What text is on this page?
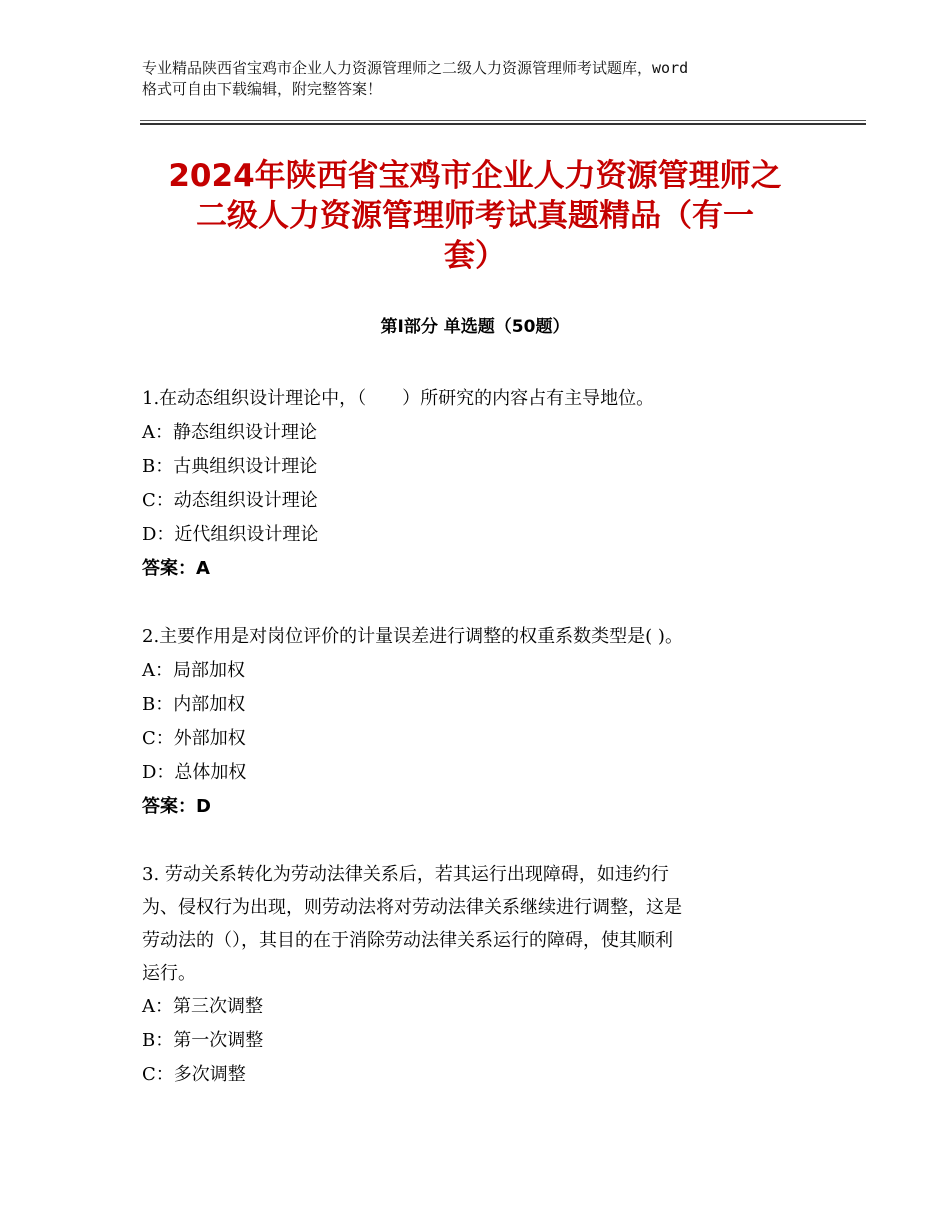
专业精品陕西省宝鸡市企业人力资源管理师之二级人力资源管理师考试题库，word
格式可自由下载编辑，附完整答案！
2024年陕西省宝鸡市企业人力资源管理师之
二级人力资源管理师考试真题精品（有一
套）
第Ⅰ部分 单选题（50题）

1.在动态组织设计理论中，（　　）所研究的内容占有主导地位。

A：静态组织设计理论

B：古典组织设计理论

C：动态组织设计理论

D：近代组织设计理论

答案：A

2.主要作用是对岗位评价的计量误差进行调整的权重系数类型是( )。

A：局部加权

B：内部加权

C：外部加权

D：总体加权

答案：D

3. 劳动关系转化为劳动法律关系后，若其运行出现障碍，如违约行

为、侵权行为出现，则劳动法将对劳动法律关系继续进行调整，这是

劳动法的（），其目的在于消除劳动法律关系运行的障碍，使其顺利

运行。

A：第三次调整

B：第一次调整

C：多次调整
